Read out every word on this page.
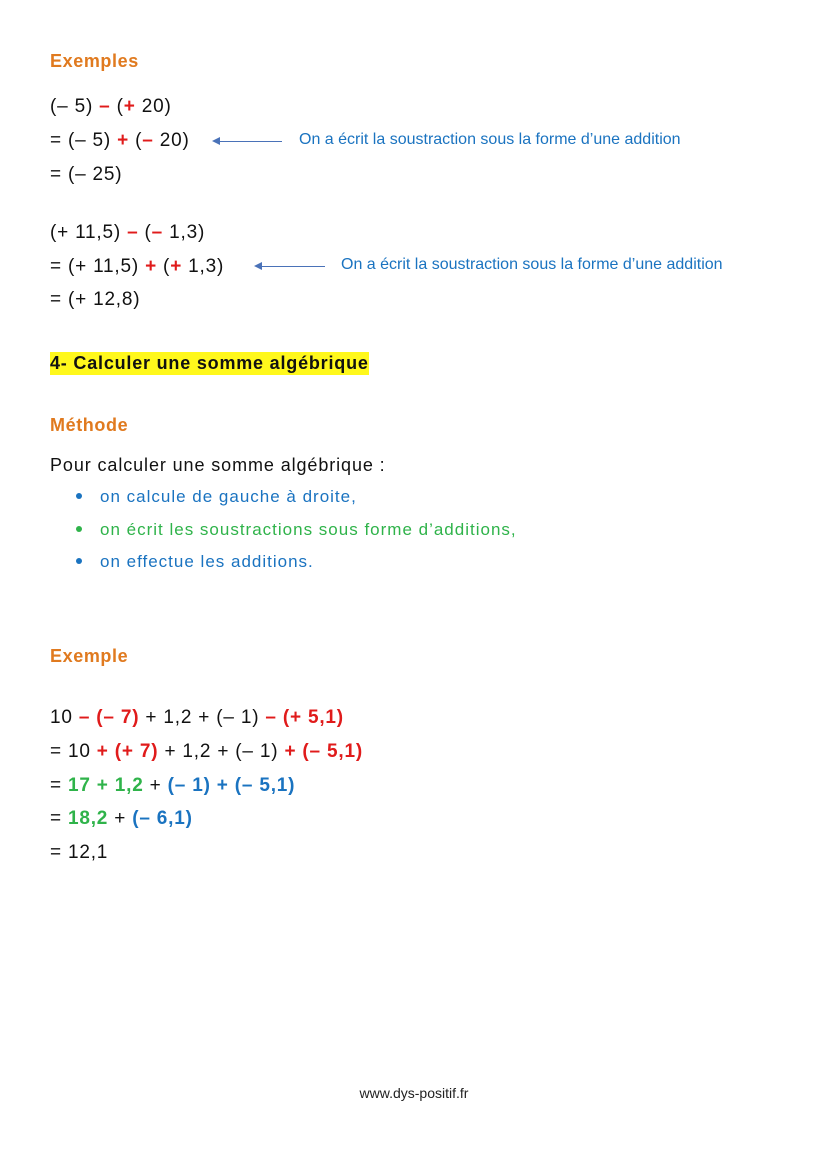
Exemples
(– 5) – (+ 20)
= (– 5) + (– 20)	On a écrit la soustraction sous la forme d’une addition
= (– 25)
(+ 11,5) – (– 1,3)
= (+ 11,5) + (+ 1,3)	On a écrit la soustraction sous la forme d’une addition
= (+ 12,8)
4- Calculer une somme algébrique
Méthode
Pour calculer une somme algébrique :
on calcule de gauche à droite,
on écrit les soustractions sous forme d’additions,
on effectue les additions.
Exemple
10 – (– 7) + 1,2 + (– 1) – (+ 5,1)
= 10 + (+ 7) + 1,2 + (– 1) + (– 5,1)
= 17 + 1,2 + (– 1) + (– 5,1)
= 18,2 + (– 6,1)
= 12,1
www.dys-positif.fr
